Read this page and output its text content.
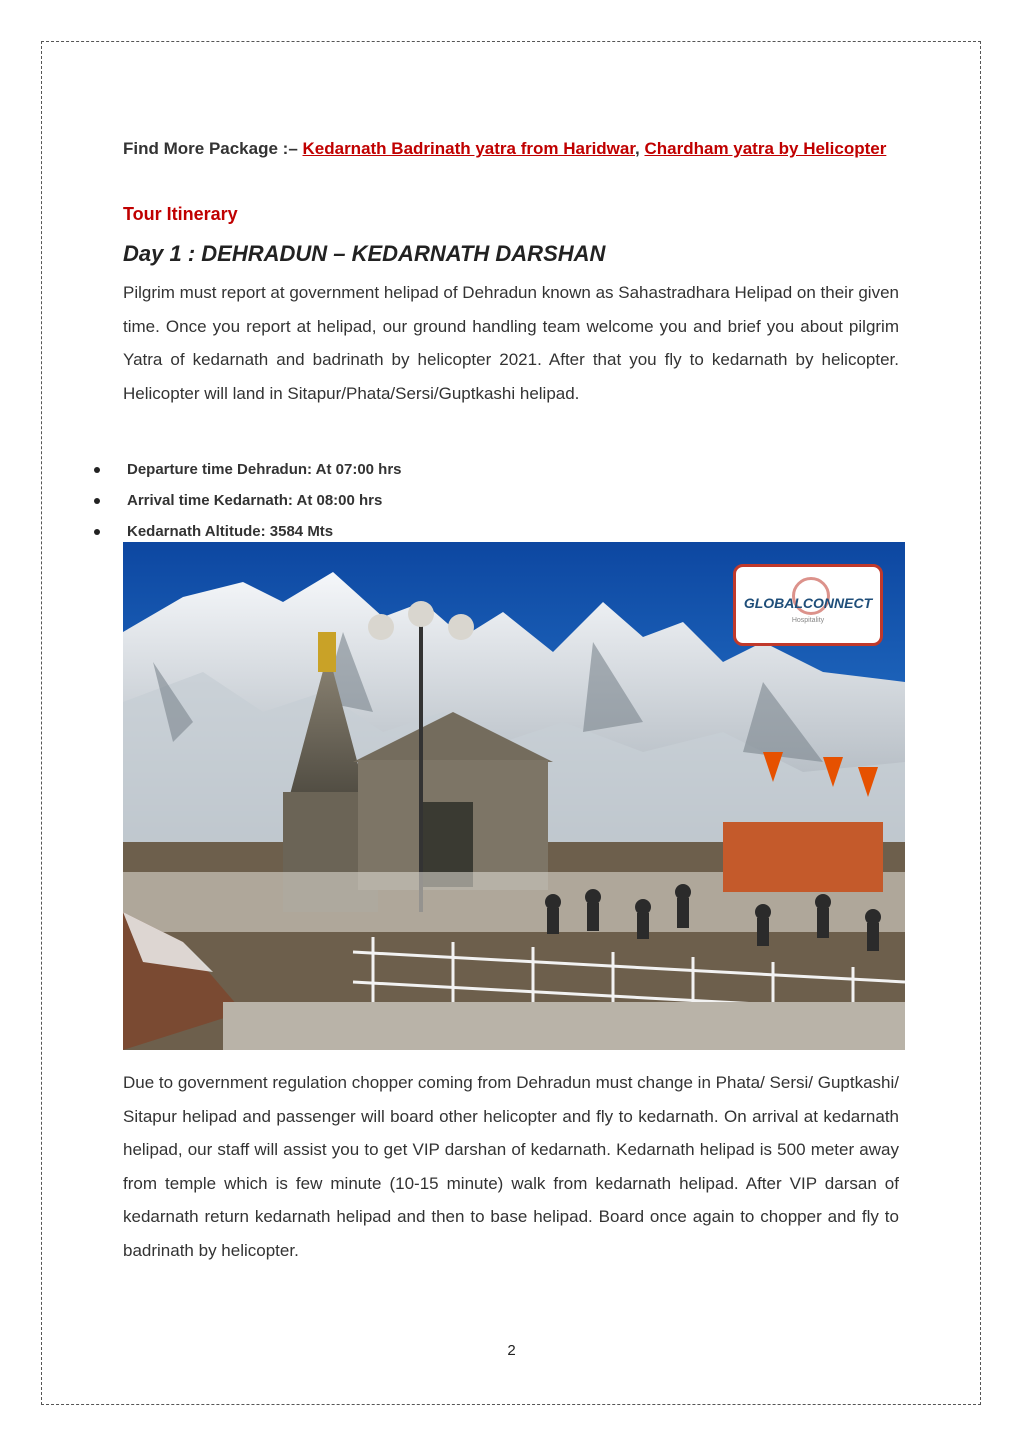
Find More Package :– Kedarnath Badrinath yatra from Haridwar, Chardham yatra by Helicopter
Tour Itinerary
Day 1 : DEHRADUN – KEDARNATH DARSHAN
Pilgrim must report at government helipad of Dehradun known as Sahastradhara Helipad on their given time. Once you report at helipad, our ground handling team welcome you and brief you about pilgrim Yatra of kedarnath and badrinath by helicopter 2021. After that you fly to kedarnath by helicopter. Helicopter will land in Sitapur/Phata/Sersi/Guptkashi helipad.
Departure time Dehradun: At 07:00 hrs
Arrival time Kedarnath: At 08:00 hrs
Kedarnath Altitude: 3584 Mts
GLOBALCONNECT
Hospitality
Due to government regulation chopper coming from Dehradun must change in Phata/ Sersi/ Guptkashi/ Sitapur helipad and passenger will board other helicopter and fly to kedarnath. On arrival at kedarnath helipad, our staff will assist you to get VIP darshan of kedarnath. Kedarnath helipad is 500 meter away from temple which is few minute (10-15 minute) walk from kedarnath helipad. After VIP darsan of kedarnath return kedarnath helipad and then to base helipad. Board once again to chopper and fly to badrinath by helicopter.
2
